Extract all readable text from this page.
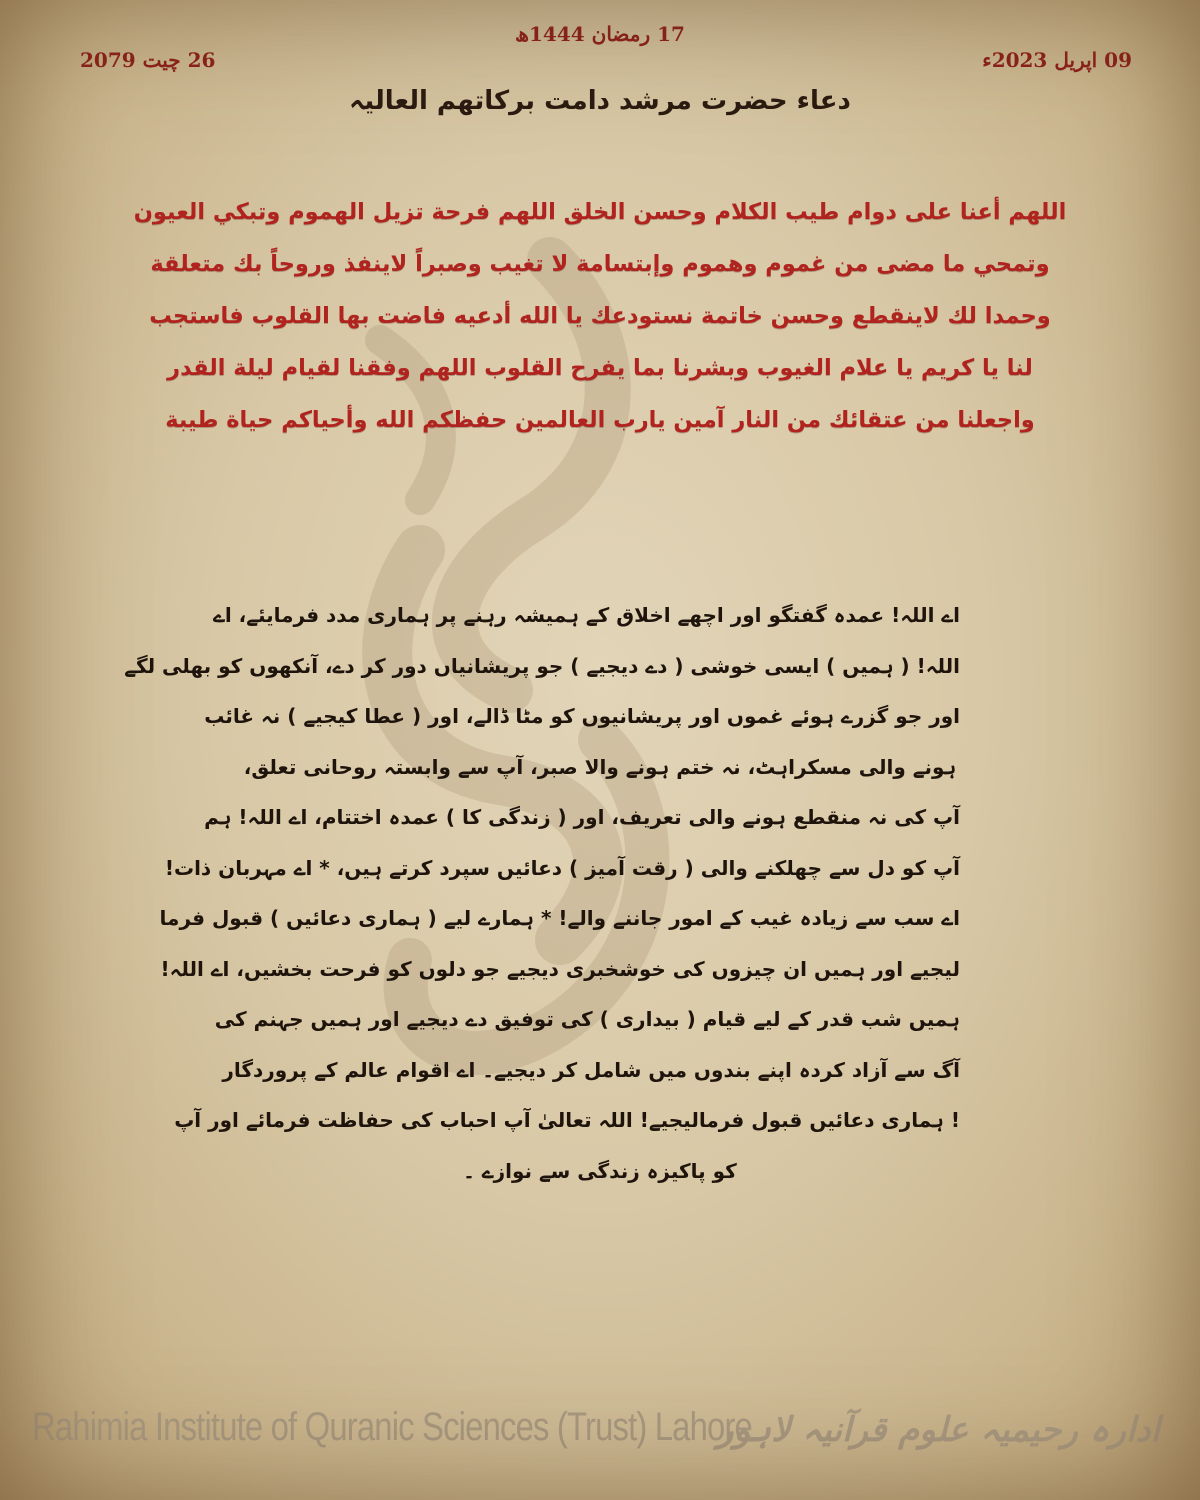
17 رمضان 1444ھ
09 اپریل 2023ء
26 چیت 2079
دعاء حضرت مرشد دامت برکاتھم العالیہ
اللهم أعنا على دوام طيب الكلام وحسن الخلق اللهم فرحة تزيل الهموم وتبكي العيون
وتمحي ما مضى من غموم وهموم وإبتسامة لا تغيب وصبراً لاينفذ وروحاً بك متعلقة
وحمدا لك لاينقطع وحسن خاتمة نستودعك يا الله أدعيه فاضت بها القلوب فاستجب
لنا يا كريم يا علام الغيوب وبشرنا بما يفرح القلوب اللهم وفقنا لقيام ليلة القدر
واجعلنا من عتقائك من النار آمين يارب العالمين حفظكم الله وأحياكم حياة طيبة
اے اللہ! عمدہ گفتگو اور اچھے اخلاق کے ہمیشہ رہنے پر ہماری مدد فرمایئے، اے
اللہ! ( ہمیں ) ایسی خوشی ( دے دیجیے ) جو پریشانیاں دور کر دے، آنکھوں کو بھلی لگے
اور جو گزرے ہوئے غموں اور پریشانیوں کو مٹا ڈالے، اور ( عطا کیجیے ) نہ غائب
ہونے والی مسکراہٹ، نہ ختم ہونے والا صبر، آپ سے وابستہ روحانی تعلق،
آپ کی نہ منقطع ہونے والی تعریف، اور ( زندگی کا ) عمدہ اختتام، اے اللہ! ہم
آپ کو دل سے چھلکنے والی ( رقت آمیز ) دعائیں سپرد کرتے ہیں، * اے مہربان ذات!
اے سب سے زیادہ غیب کے امور جاننے والے! * ہمارے لیے ( ہماری دعائیں ) قبول فرما
لیجیے اور ہمیں ان چیزوں کی خوشخبری دیجیے جو دلوں کو فرحت بخشیں، اے اللہ!
ہمیں شب قدر کے لیے قیام ( بیداری ) کی توفیق دے دیجیے اور ہمیں جہنم کی
آگ سے آزاد کردہ اپنے بندوں میں شامل کر دیجیے۔ اے اقوام عالم کے پروردگار
! ہماری دعائیں قبول فرمالیجیے! اللہ تعالیٰ آپ احباب کی حفاظت فرمائے اور آپ
کو پاکیزہ زندگی سے نوازے ۔
Rahimia Institute of Quranic Sciences (Trust) Lahore
ادارہ رحیمیہ علوم قرآنیہ لاہور
